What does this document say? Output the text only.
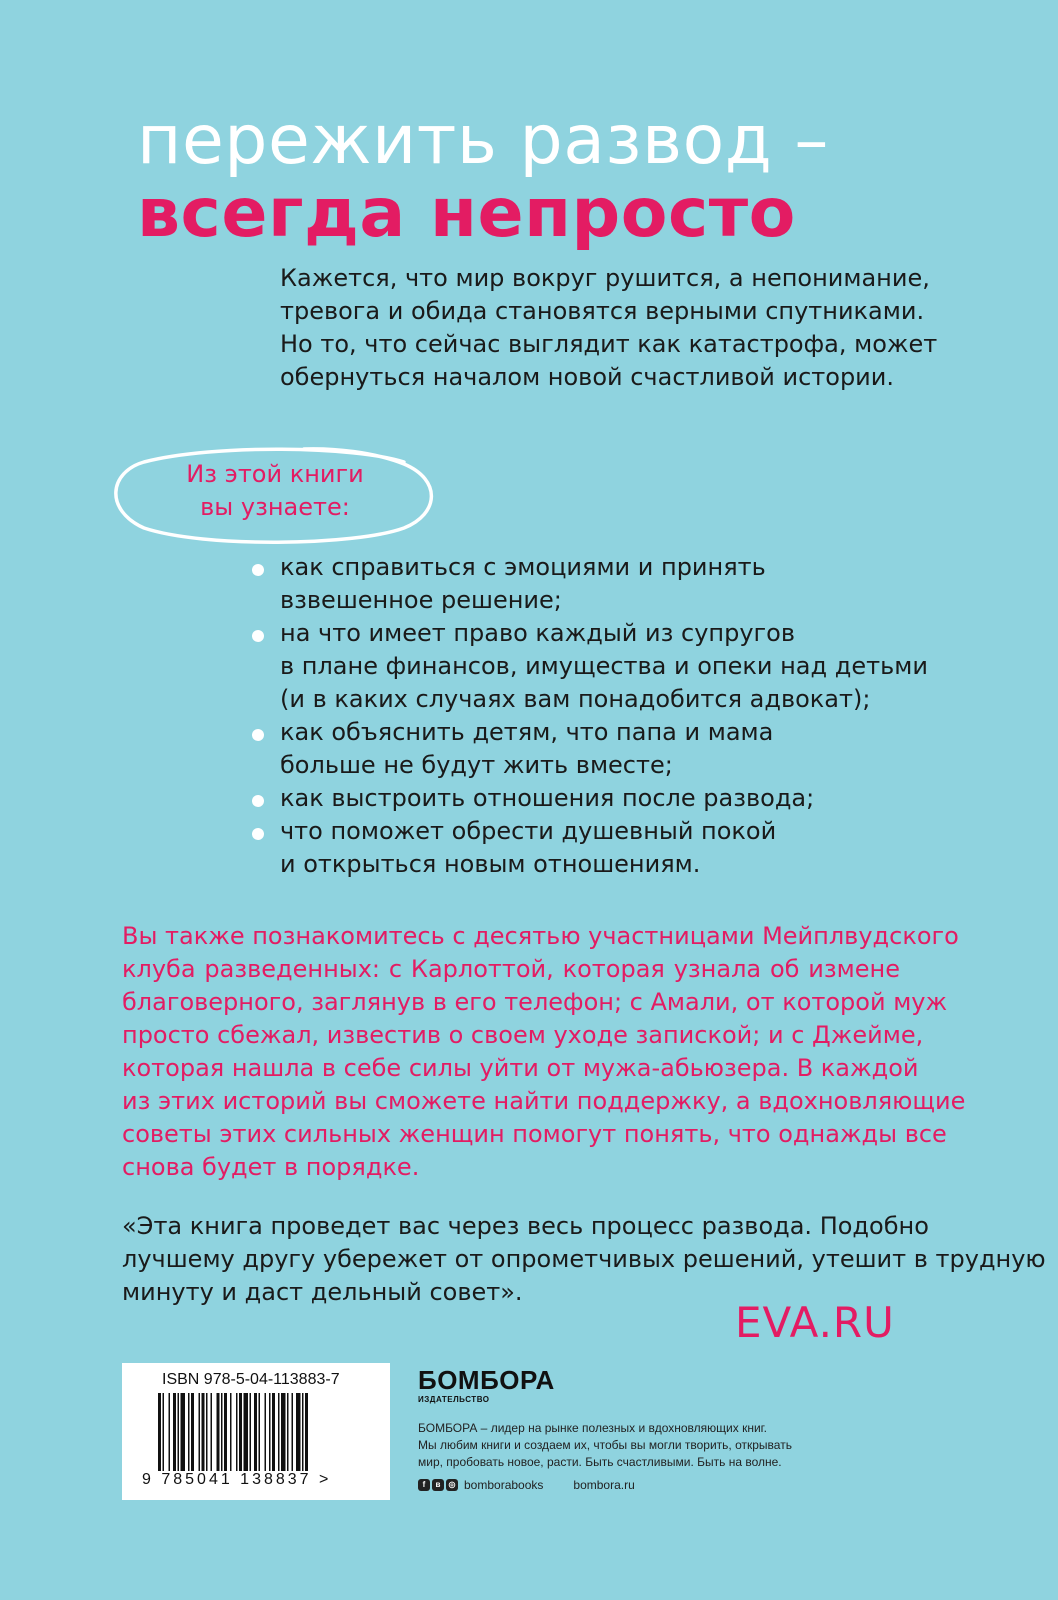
пережить развод –
всегда непросто

Кажется, что мир вокруг рушится, а непонимание,
тревога и обида становятся верными спутниками.
Но то, что сейчас выглядит как катастрофа, может
обернуться началом новой счастливой истории.

Из этой книги
вы узнаете:
как справиться с эмоциями и принять
взвешенное решение;
на что имеет право каждый из супругов
в плане финансов, имущества и опеки над детьми
(и в каких случаях вам понадобится адвокат);
как объяснить детям, что папа и мама
больше не будут жить вместе;
как выстроить отношения после развода;
что поможет обрести душевный покой
и открыться новым отношениям.

Вы также познакомитесь с десятью участницами Мейплвудского
клуба разведенных: с Карлоттой, которая узнала об измене
благоверного, заглянув в его телефон; с Амали, от которой муж
просто сбежал, известив о своем уходе запиской; и с Джейме,
которая нашла в себе силы уйти от мужа-абьюзера. В каждой
из этих историй вы сможете найти поддержку, а вдохновляющие
советы этих сильных женщин помогут понять, что однажды все
снова будет в порядке.

«Эта книга проведет вас через весь процесс развода. Подобно
лучшему другу убережет от опрометчивых решений, утешит в трудную
минуту и даст дельный совет».

EVA.RU
ISBN 978-5-04-113883-7
9 785041 138837 >
БОМБОРА
ИЗДАТЕЛЬСТВО

БОМБОРА – лидер на рынке полезных и вдохновляющих книг.
Мы любим книги и создаем их, чтобы вы могли творить, открывать
мир, пробовать новое, расти. Быть счастливыми. Быть на волне.

f	в	◎ bomborabooks	bombora.ru
